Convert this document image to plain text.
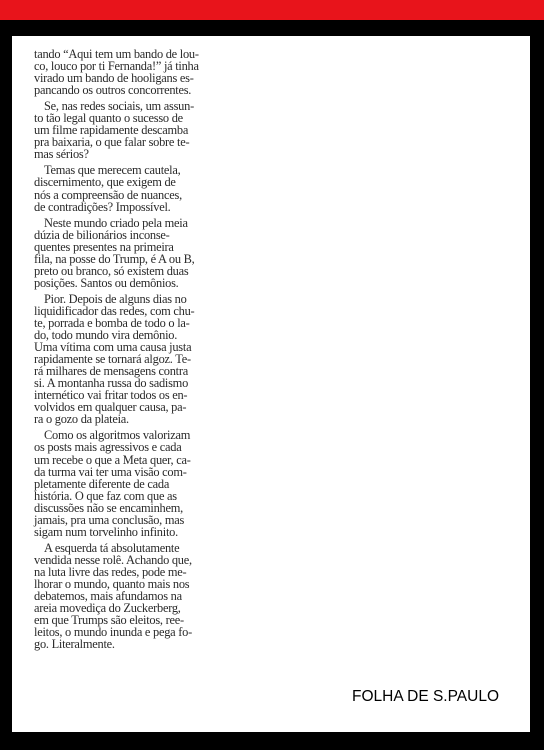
tando “Aqui tem um bando de lou-
co, louco por ti Fernanda!” já tinha
virado um bando de hooligans es-
pancando os outros concorrentes.
Se, nas redes sociais, um assun-
to tão legal quanto o sucesso de
um filme rapidamente descamba
pra baixaria, o que falar sobre te-
mas sérios?
Temas que merecem cautela,
discernimento, que exigem de
nós a compreensão de nuances,
de contradições? Impossível.
Neste mundo criado pela meia
dúzia de bilionários inconse-
quentes presentes na primeira
fila, na posse do Trump, é A ou B,
preto ou branco, só existem duas
posições. Santos ou demônios.
Pior. Depois de alguns dias no
liquidificador das redes, com chu-
te, porrada e bomba de todo o la-
do, todo mundo vira demônio.
Uma vítima com uma causa justa
rapidamente se tornará algoz. Te-
rá milhares de mensagens contra
si. A montanha russa do sadismo
internético vai fritar todos os en-
volvidos em qualquer causa, pa-
ra o gozo da plateia.
Como os algoritmos valorizam
os posts mais agressivos e cada
um recebe o que a Meta quer, ca-
da turma vai ter uma visão com-
pletamente diferente de cada
história. O que faz com que as
discussões não se encaminhem,
jamais, pra uma conclusão, mas
sigam num torvelinho infinito.
A esquerda tá absolutamente
vendida nesse rolê. Achando que,
na luta livre das redes, pode me-
lhorar o mundo, quanto mais nos
debatemos, mais afundamos na
areia movediça do Zuckerberg,
em que Trumps são eleitos, ree-
leitos, o mundo inunda e pega fo-
go. Literalmente.
FOLHA DE S.PAULO
